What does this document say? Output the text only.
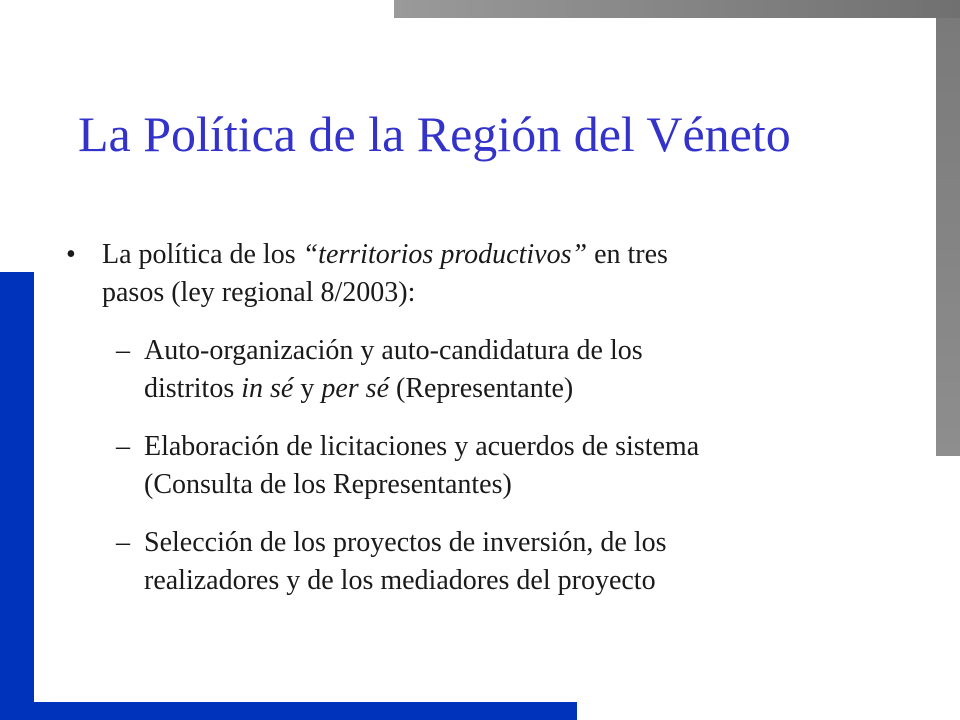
La Política de la Región del Véneto
• La política de los “territorios productivos” en tres
pasos (ley regional 8/2003):
– Auto-organización y auto-candidatura de los
distritos in sé y per sé (Representante)
– Elaboración de licitaciones y acuerdos de sistema
(Consulta de los Representantes)
– Selección de los proyectos de inversión, de los
realizadores y de los mediadores del proyecto
